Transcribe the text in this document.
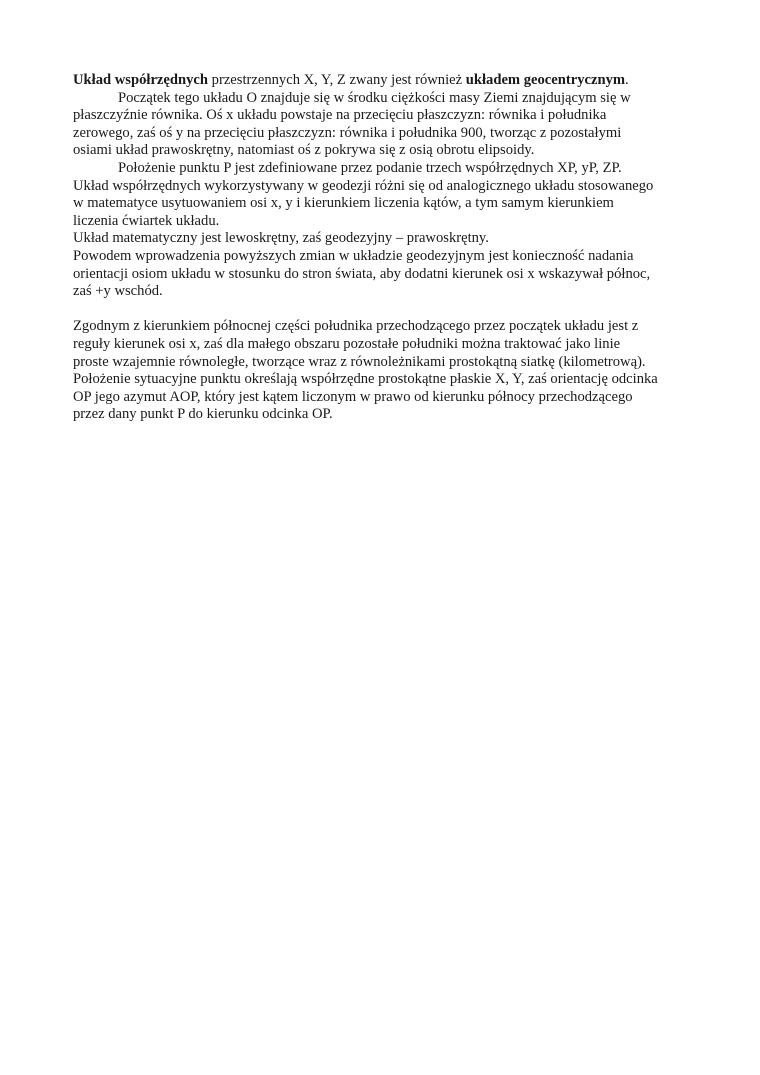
Układ współrzędnych przestrzennych X, Y, Z zwany jest również układem geocentrycznym.
Początek tego układu O znajduje się w środku ciężkości masy Ziemi znajdującym się w
płaszczyźnie równika. Oś x układu powstaje na przecięciu płaszczyzn: równika i południka
zerowego, zaś oś y na przecięciu płaszczyzn: równika i południka 900, tworząc z pozostałymi
osiami układ prawoskrętny, natomiast oś z pokrywa się z osią obrotu elipsoidy.
Położenie punktu P jest zdefiniowane przez podanie trzech współrzędnych XP, yP, ZP.
Układ współrzędnych wykorzystywany w geodezji różni się od analogicznego układu stosowanego
w matematyce usytuowaniem osi x, y i kierunkiem liczenia kątów, a tym samym kierunkiem
liczenia ćwiartek układu.
Układ matematyczny jest lewoskrętny, zaś geodezyjny – prawoskrętny.
Powodem wprowadzenia powyższych zmian w układzie geodezyjnym jest konieczność nadania
orientacji osiom układu w stosunku do stron świata, aby dodatni kierunek osi x wskazywał północ,
zaś +y wschód.
Zgodnym z kierunkiem północnej części południka przechodzącego przez początek układu jest z
reguły kierunek osi x, zaś dla małego obszaru pozostałe południki można traktować jako linie
proste wzajemnie równoległe, tworzące wraz z równoleżnikami prostokątną siatkę (kilometrową).
Położenie sytuacyjne punktu określają współrzędne prostokątne płaskie X, Y, zaś orientację odcinka
OP jego azymut AOP, który jest kątem liczonym w prawo od kierunku północy przechodzącego
przez dany punkt P do kierunku odcinka OP.
